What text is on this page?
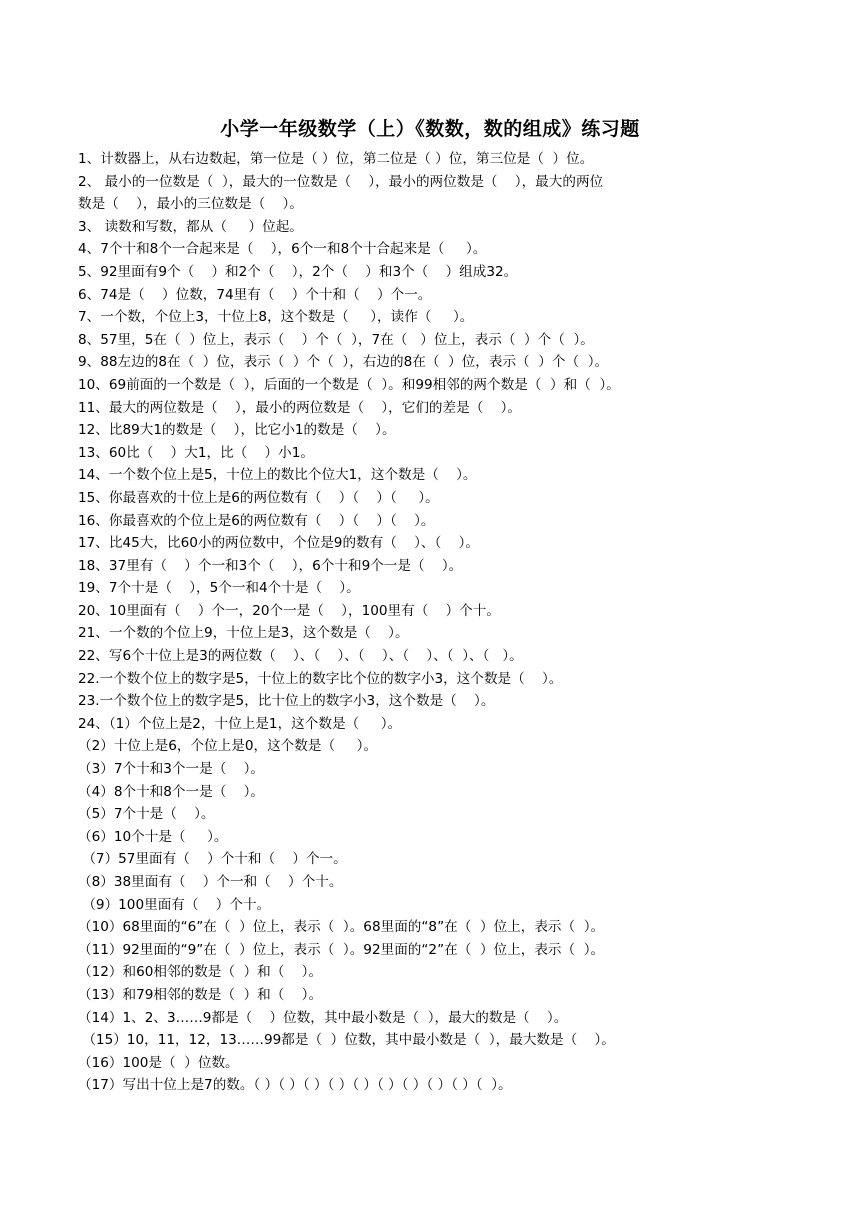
小学一年级数学（上）《数数，数的组成》练习题
1、计数器上，从右边数起，第一位是（ ）位，第二位是（ ）位，第三位是（  ）位。
2、 最小的一位数是（  ），最大的一位数是（    ），最小的两位数是（    ），最大的两位
数是（    ），最小的三位数是（    ）。
3、 读数和写数，都从（     ）位起。
4、7个十和8个一合起来是（    ），6个一和8个十合起来是（     ）。
5、92里面有9个（    ）和2个（    ），2个（    ）和3个（    ）组成32。
6、74是（    ）位数，74里有（    ）个十和（    ）个一。
7、一个数，个位上3，十位上8，这个数是（     ），读作（     ）。
8、57里，5在（  ）位上，表示（    ）个（  ），7在（   ）位上，表示（  ）个（  ）。
9、88左边的8在（  ）位，表示（  ）个（  ），右边的8在（  ）位，表示（  ）个（  ）。
10、69前面的一个数是（  ），后面的一个数是（  ）。和99相邻的两个数是（  ）和（  ）。
11、最大的两位数是（    ），最小的两位数是（    ），它们的差是（    ）。
12、比89大1的数是（    ），比它小1的数是（    ）。
13、60比（    ）大1，比（    ）小1。
14、一个数个位上是5，十位上的数比个位大1，这个数是（    ）。
15、你最喜欢的十位上是6的两位数有（    ）（    ）（     ）。
16、你最喜欢的个位上是6的两位数有（    ）（    ）（    ）。
17、比45大，比60小的两位数中，个位是9的数有（    ）、（    ）。
18、37里有（    ）个一和3个（    ），6个十和9个一是（    ）。
19、7个十是（    ），5个一和4个十是（    ）。
20、10里面有（    ）个一，20个一是（    ），100里有（    ）个十。
21、一个数的个位上9，十位上是3，这个数是（    ）。
22、写6个十位上是3的两位数（    ）、（    ）、（    ）、（    ）、（  ）、（   ）。
22.一个数个位上的数字是5，十位上的数字比个位的数字小3，这个数是（    ）。
23.一个数个位上的数字是5，比十位上的数字小3，这个数是（    ）。
24、（1）个位上是2，十位上是1，这个数是（     ）。
（2）十位上是6，个位上是0，这个数是（     ）。
（3）7个十和3个一是（    ）。
（4）8个十和8个一是（    ）。
（5）7个十是（    ）。
（6）10个十是（     ）。
（7）57里面有（    ）个十和（    ）个一。
（8）38里面有（    ）个一和（    ）个十。
（9）100里面有（    ）个十。
（10）68里面的“6”在（  ）位上，表示（  ）。68里面的“8”在（  ）位上，表示（  ）。
（11）92里面的“9”在（  ）位上，表示（  ）。92里面的“2”在（  ）位上，表示（  ）。
（12）和60相邻的数是（  ）和（    ）。
（13）和79相邻的数是（  ）和（    ）。
（14）1、2、3……9都是（    ）位数，其中最小数是（  ），最大的数是（    ）。
（15）10，11，12，13……99都是（  ）位数，其中最小数是（  ），最大数是（    ）。
（16）100是（  ）位数。
（17）写出十位上是7的数。（ ）（ ）（ ）（ ）（ ）（ ）（ ）（ ）（ ）（  ）。
